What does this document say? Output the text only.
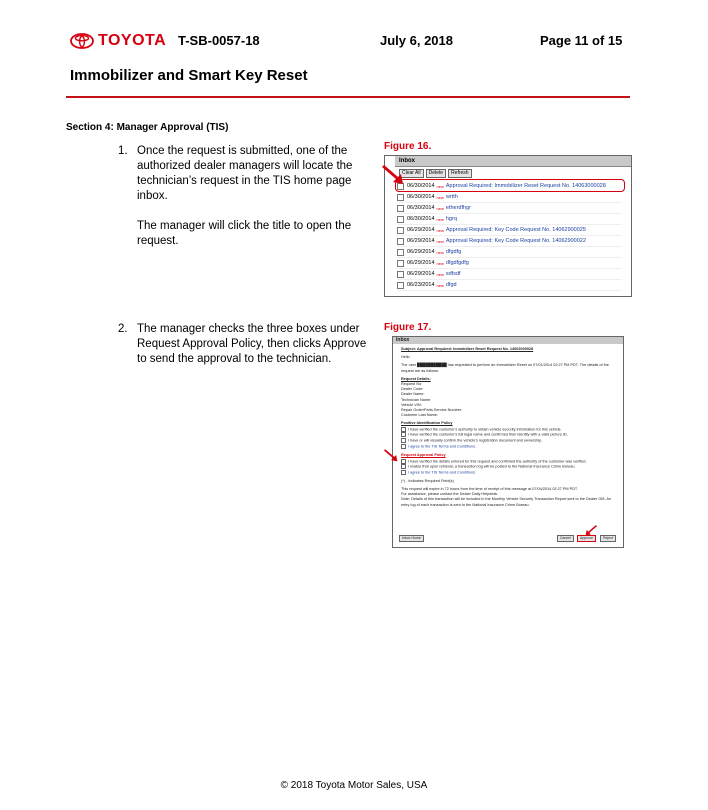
TOYOTA T-SB-0057-18	July 6, 2018	Page 11 of 15
Immobilizer and Smart Key Reset
Section 4: Manager Approval (TIS)
1. Once the request is submitted, one of the authorized dealer managers will locate the technician’s request in the TIS home page inbox.

The manager will click the title to open the request.

2. The manager checks the three boxes under Request Approval Policy, then clicks Approve to send the approval to the technician.

Figure 16.
Inbox
Clear All	Delete	Refresh
06/30/2014 new Approval Required: Immobilizer Reset Request No. 14063000028
06/30/2014 new wrtth
06/30/2014 new etherdfhgr
06/30/2014 new hgrq
06/29/2014 new Approval Required: Key Code Request No. 14062900025
06/29/2014 new Approval Required: Key Code Request No. 14062900022
06/29/2014 new dfgdfg
06/29/2014 new dfgdfgdfg
06/29/2014 new sdfsdf
06/23/2014 new dfgd
Figure 17.
Inbox
Subject: Approval Required: Immobilizer Reset Request No. 14063000028
Hello
The user ███████████ has requested to perform an Immobilizer Reset on 07/01/2014 02:27 PM PDT. The details of the request are as follows:
Request Details:
Request No:
Dealer Code:
Dealer Name:
Technician Name:
Vehicle VIN:
Repair Order/Parts Service Number:
Customer Last Name:
Positive Identification Policy
I have verified the customer's authority to obtain vehicle security information for this vehicle.
I have verified the customer's full legal name and confirmed their identity with a valid picture ID.
I have or will visually confirm the vehicle's registration document and ownership.
I agree to the TIS Terms and Conditions.
Request Approval Policy
I have verified the details entered for this request and confirmed the authority of the customer was verified.
I realize that upon retrieval, a transaction log will be posted to the National Insurance Crime Bureau.
I agree to the TIS Terms and Conditions.
(*) - Indicates Required Field(s)
This request will expire in 72 hours from the time of receipt of this message at 07/04/2014 02:27 PM PDT.
For assistance, please contact the Dealer Daily Helpdesk.
Note: Details of this transaction will be included in the Monthly Vehicle Security Transaction Report sent to the Dealer GM. An entry log of each transaction is sent to the National Insurance Crime Bureau.
Inbox Home	Cancel	Approve	Reject
© 2018 Toyota Motor Sales, USA
